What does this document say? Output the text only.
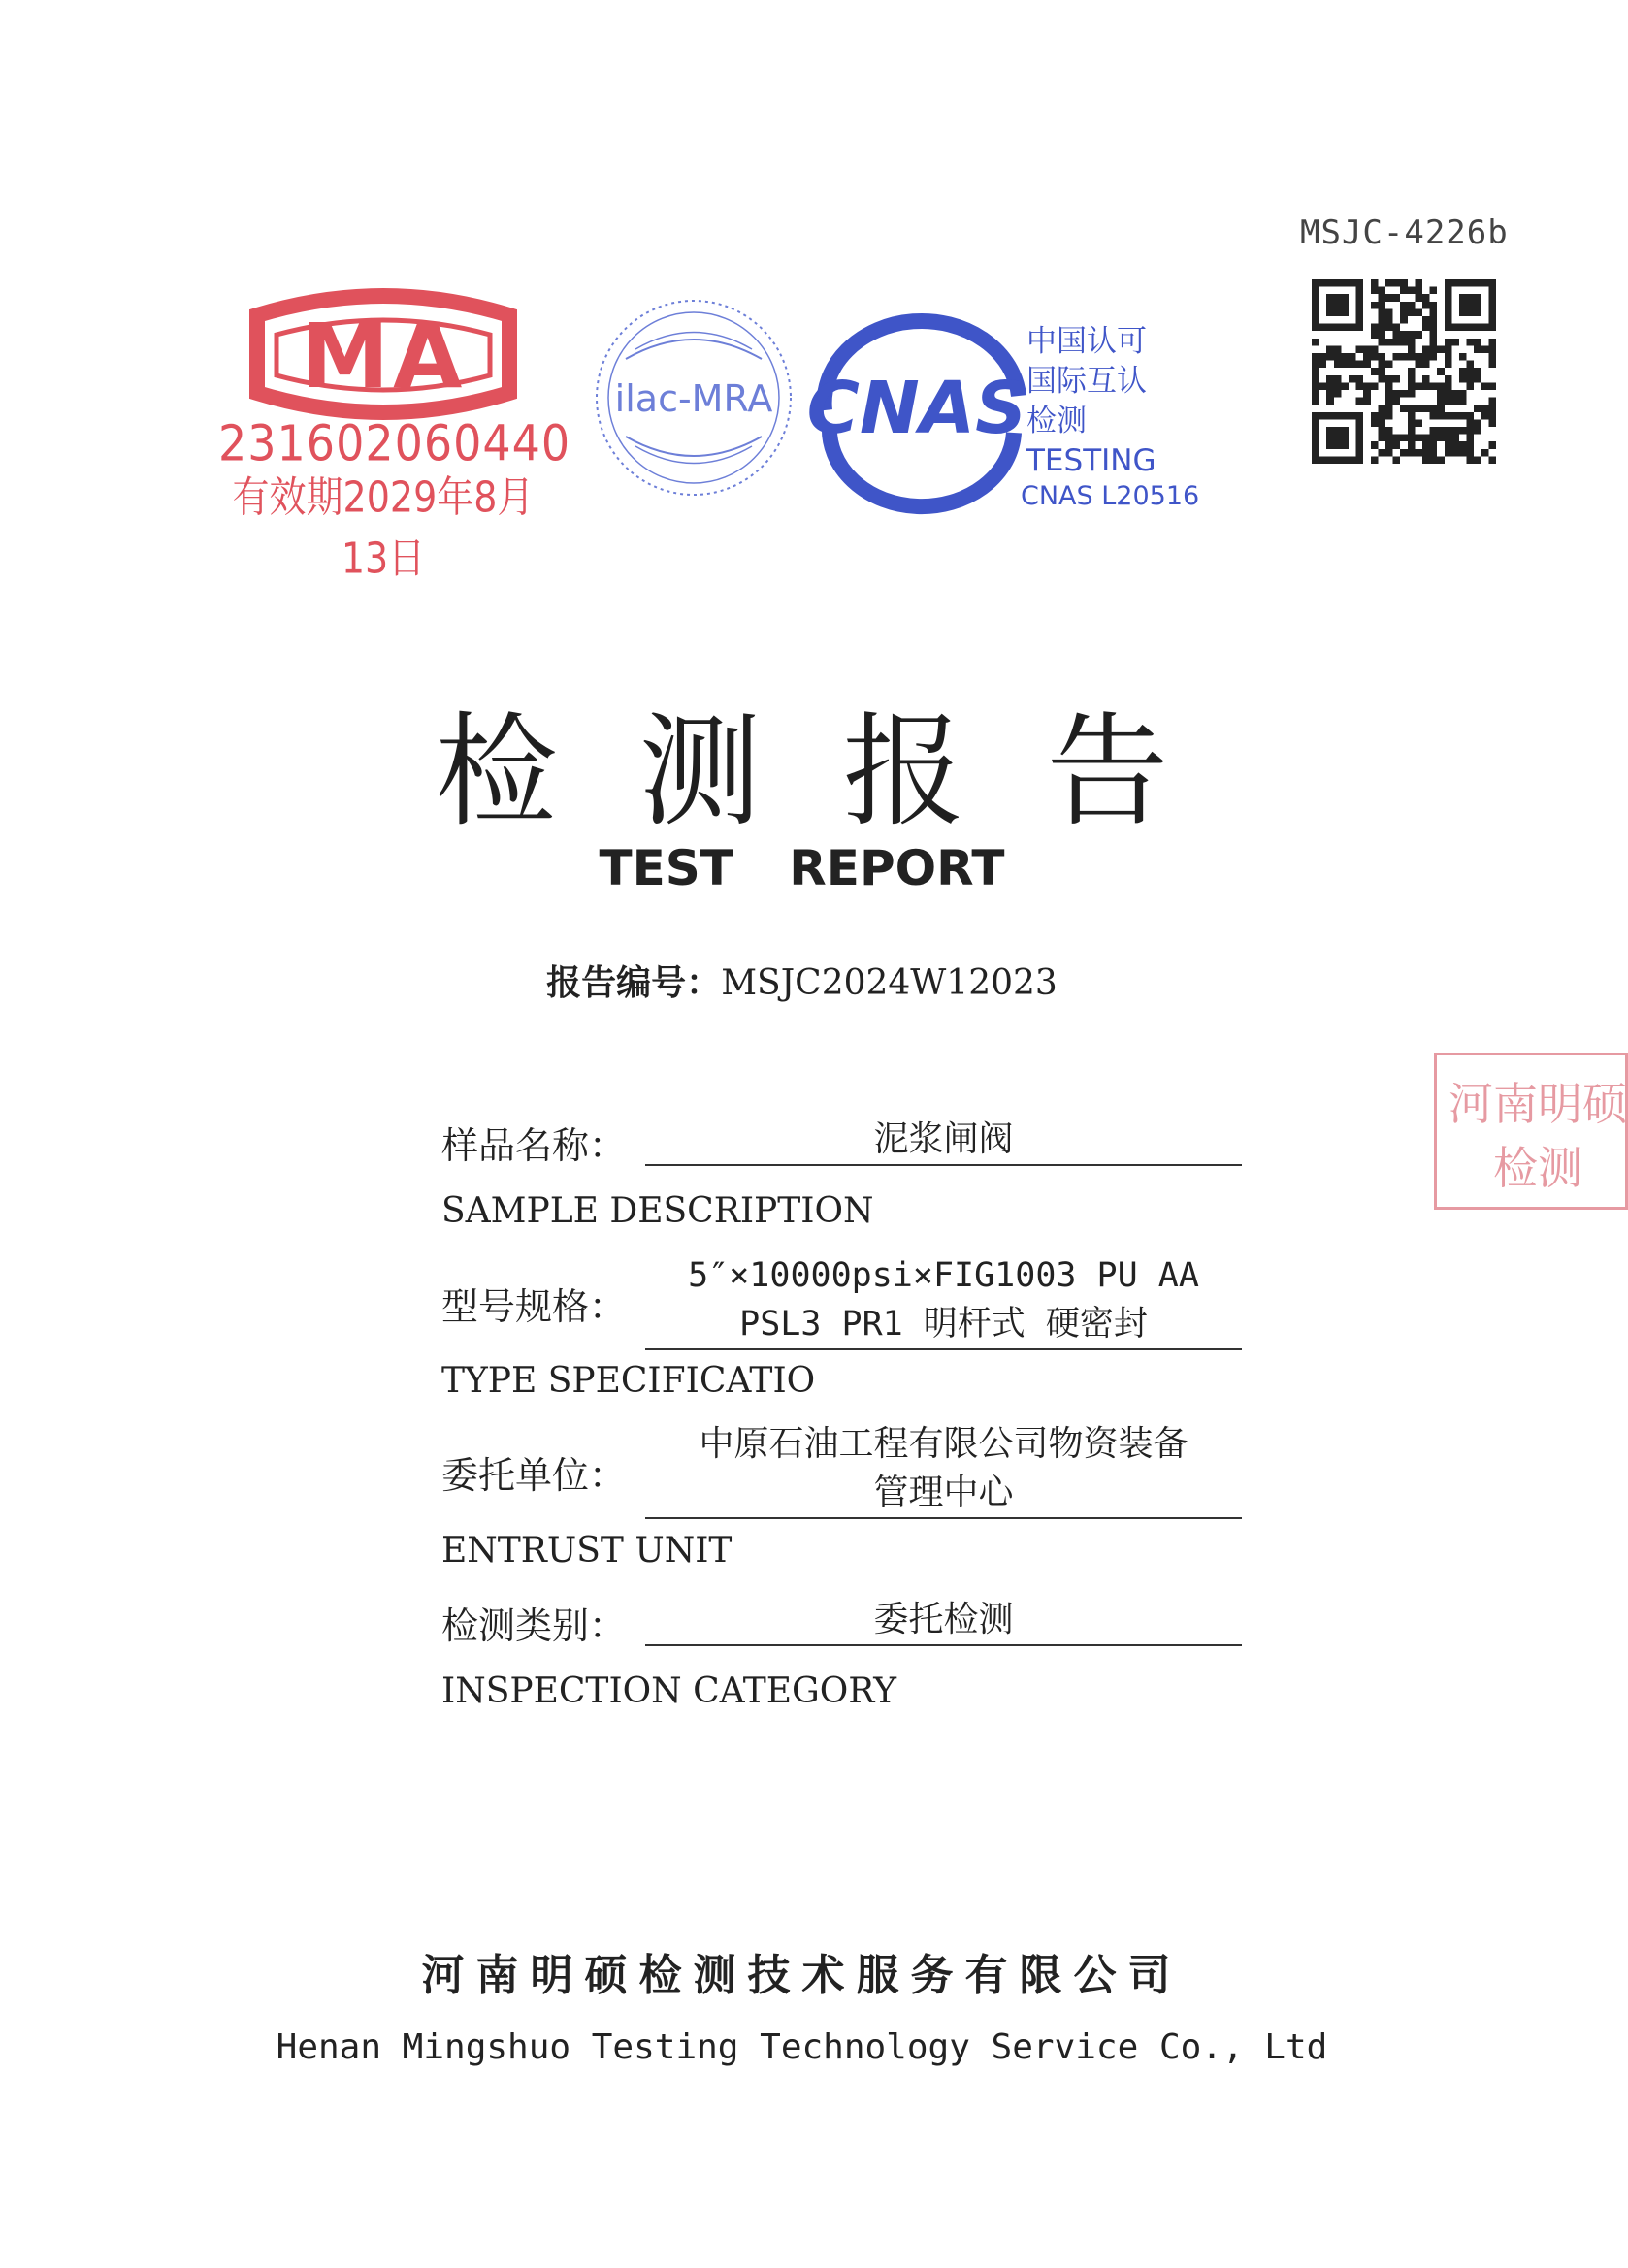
MSJC-4226b
MA
231602060440
有效期2029年8月13日
ilac-MRA CNAS
中国认可
国际互认
检测
TESTING
CNAS L20516
检测报告
TEST REPORT
报告编号：MSJC2024W12023
河南明硕
检测
样品名称：	泥浆闸阀
SAMPLE DESCRIPTION
型号规格：
5″×10000psi×FIG1003 PU AA
PSL3 PR1 明杆式 硬密封
TYPE SPECIFICATIO
委托单位：
中原石油工程有限公司物资装备
管理中心
ENTRUST UNIT
检测类别：	委托检测
INSPECTION CATEGORY
河南明硕检测技术服务有限公司
Henan Mingshuo Testing Technology Service Co., Ltd
